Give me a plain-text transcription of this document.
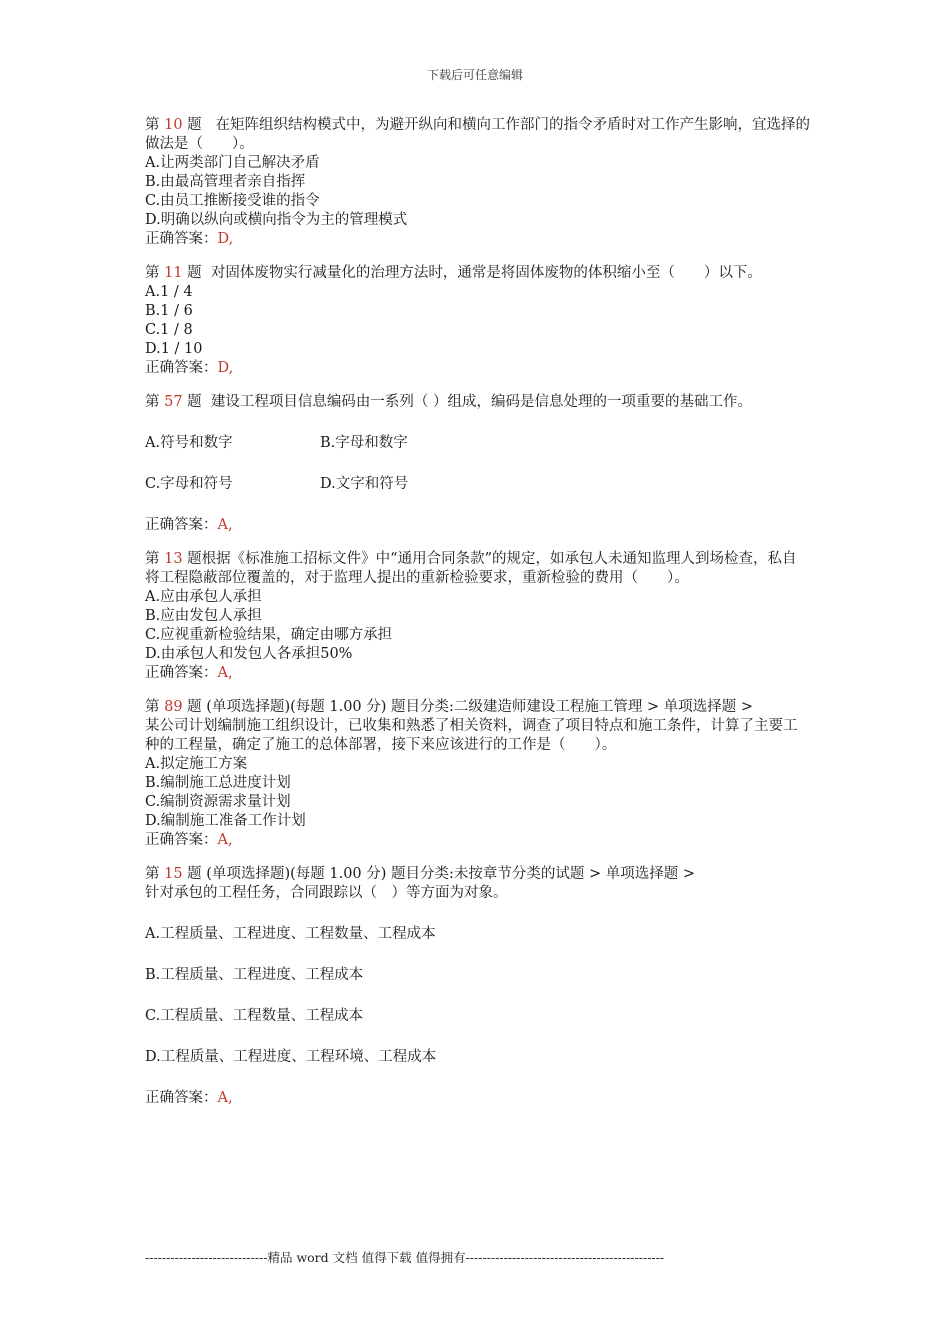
下载后可任意编辑
第 10 题   在矩阵组织结构模式中，为避开纵向和横向工作部门的指令矛盾时对工作产生影响，宜选择的做法是（　　）。
A.让两类部门自己解决矛盾
B.由最高管理者亲自指挥
C.由员工推断接受谁的指令
D.明确以纵向或横向指令为主的管理模式
正确答案：D,
第 11 题  对固体废物实行减量化的治理方法时，通常是将固体废物的体积缩小至（　　）以下。
A.1 / 4
B.1 / 6
C.1 / 8
D.1 / 10
正确答案：D,
第 57 题  建设工程项目信息编码由一系列（ ）组成，编码是信息处理的一项重要的基础工作。
A.符号和数字	B.字母和数字
C.字母和符号	D.文字和符号
正确答案：A,
第 13 题根据《标准施工招标文件》中“通用合同条款”的规定，如承包人未通知监理人到场检查，私自将工程隐蔽部位覆盖的，对于监理人提出的重新检验要求，重新检验的费用（　　）。
A.应由承包人承担
B.应由发包人承担
C.应视重新检验结果，确定由哪方承担
D.由承包人和发包人各承担50%
正确答案：A,
第 89 题 (单项选择题)(每题 1.00 分) 题目分类:二级建造师建设工程施工管理 > 单项选择题 >
某公司计划编制施工组织设计，已收集和熟悉了相关资料，调查了项目特点和施工条件，计算了主要工种的工程量，确定了施工的总体部署，接下来应该进行的工作是（　　）。
A.拟定施工方案
B.编制施工总进度计划
C.编制资源需求量计划
D.编制施工准备工作计划
正确答案：A,
第 15 题 (单项选择题)(每题 1.00 分) 题目分类:未按章节分类的试题 > 单项选择题 >
针对承包的工程任务，合同跟踪以（　）等方面为对象。
A.工程质量、工程进度、工程数量、工程成本
B.工程质量、工程进度、工程成本
C.工程质量、工程数量、工程成本
D.工程质量、工程进度、工程环境、工程成本
正确答案：A,
-----------------------------精品 word 文档 值得下载 值得拥有-----------------------------------------------
